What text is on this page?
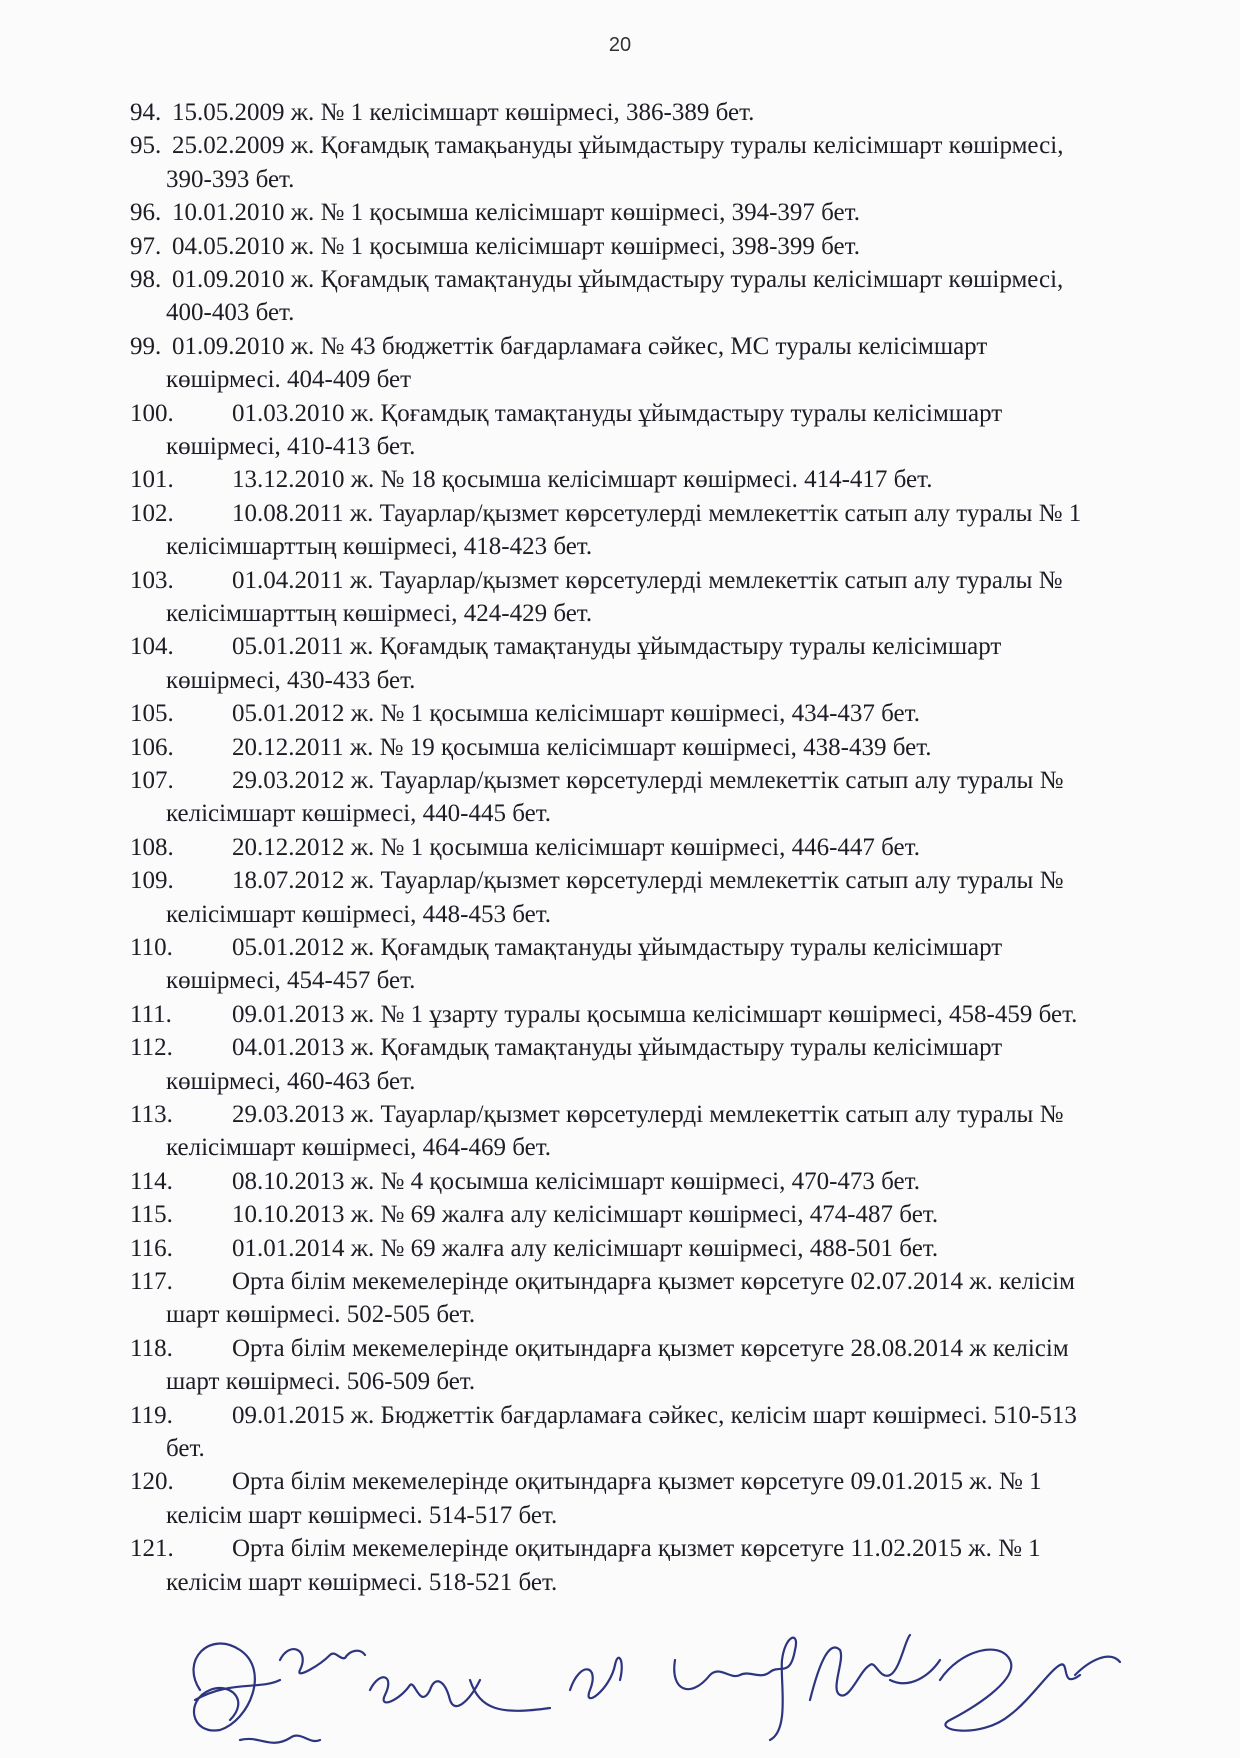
20
94. 15.05.2009 ж. № 1 келісімшарт көшірмесі, 386-389 бет.
95. 25.02.2009 ж. Қоғамдық тамақьануды ұйымдастыру туралы келісімшарт көшірмесі,
390-393 бет.
96. 10.01.2010 ж. № 1 қосымша келісімшарт көшірмесі, 394-397 бет.
97. 04.05.2010 ж. № 1 қосымша келісімшарт көшірмесі, 398-399 бет.
98. 01.09.2010 ж. Қоғамдық тамақтануды ұйымдастыру туралы келісімшарт көшірмесі,
400-403 бет.
99. 01.09.2010 ж. № 43 бюджеттік бағдарламаға сәйкес, МС туралы келісімшарт
көшірмесі. 404-409 бет
100. 01.03.2010 ж. Қоғамдық тамақтануды ұйымдастыру туралы келісімшарт
көшірмесі, 410-413 бет.
101. 13.12.2010 ж. № 18 қосымша келісімшарт көшірмесі. 414-417 бет.
102. 10.08.2011 ж. Тауарлар/қызмет көрсетулерді мемлекеттік сатып алу туралы № 1
келісімшарттың көшірмесі, 418-423 бет.
103. 01.04.2011 ж. Тауарлар/қызмет көрсетулерді мемлекеттік сатып алу туралы №
келісімшарттың көшірмесі, 424-429 бет.
104. 05.01.2011 ж. Қоғамдық тамақтануды ұйымдастыру туралы келісімшарт
көшірмесі, 430-433 бет.
105. 05.01.2012 ж. № 1 қосымша келісімшарт көшірмесі, 434-437 бет.
106. 20.12.2011 ж. № 19 қосымша келісімшарт көшірмесі, 438-439 бет.
107. 29.03.2012 ж. Тауарлар/қызмет көрсетулерді мемлекеттік сатып алу туралы №
келісімшарт көшірмесі, 440-445 бет.
108. 20.12.2012 ж. № 1 қосымша келісімшарт көшірмесі, 446-447 бет.
109. 18.07.2012 ж. Тауарлар/қызмет көрсетулерді мемлекеттік сатып алу туралы №
келісімшарт көшірмесі, 448-453 бет.
110. 05.01.2012 ж. Қоғамдық тамақтануды ұйымдастыру туралы келісімшарт
көшірмесі, 454-457 бет.
111. 09.01.2013 ж. № 1 ұзарту туралы қосымша келісімшарт көшірмесі, 458-459 бет.
112. 04.01.2013 ж. Қоғамдық тамақтануды ұйымдастыру туралы келісімшарт
көшірмесі, 460-463 бет.
113. 29.03.2013 ж. Тауарлар/қызмет көрсетулерді мемлекеттік сатып алу туралы №
келісімшарт көшірмесі, 464-469 бет.
114. 08.10.2013 ж. № 4 қосымша келісімшарт көшірмесі, 470-473 бет.
115. 10.10.2013 ж. № 69 жалға алу келісімшарт көшірмесі, 474-487 бет.
116. 01.01.2014 ж. № 69 жалға алу келісімшарт көшірмесі, 488-501 бет.
117. Орта білім мекемелерінде оқитындарға қызмет көрсетуге 02.07.2014 ж. келісім
шарт көшірмесі. 502-505 бет.
118. Орта білім мекемелерінде оқитындарға қызмет көрсетуге 28.08.2014 ж келісім
шарт көшірмесі. 506-509 бет.
119. 09.01.2015 ж. Бюджеттік бағдарламаға сәйкес, келісім шарт көшірмесі. 510-513
бет.
120. Орта білім мекемелерінде оқитындарға қызмет көрсетуге 09.01.2015 ж. № 1
келісім шарт көшірмесі. 514-517 бет.
121. Орта білім мекемелерінде оқитындарға қызмет көрсетуге 11.02.2015 ж. № 1
келісім шарт көшірмесі. 518-521 бет.
